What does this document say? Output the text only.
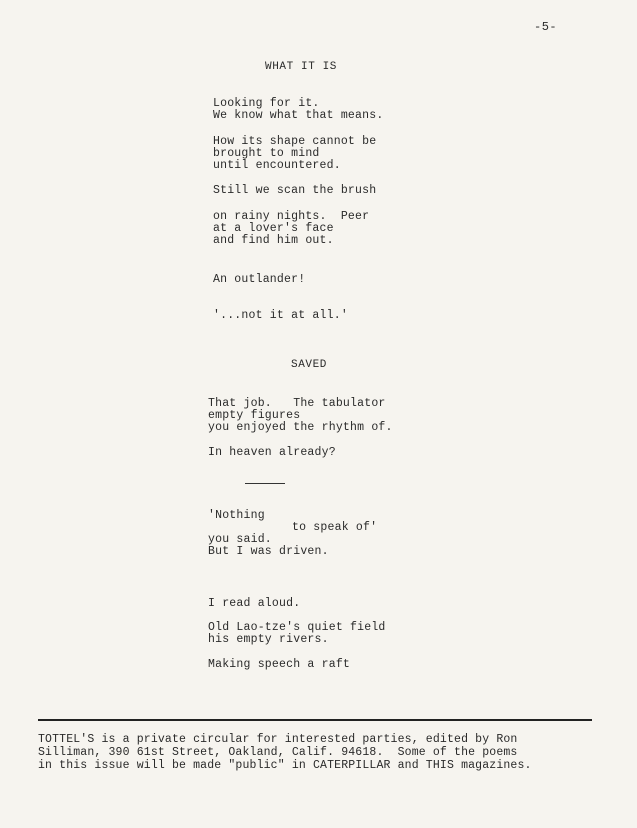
-5-
WHAT IT IS
Looking for it.
We know what that means.
How its shape cannot be
brought to mind
until encountered.
Still we scan the brush
on rainy nights.  Peer
at a lover's face
and find him out.
An outlander!
'...not it at all.'
SAVED
That job.   The tabulator
empty figures
you enjoyed the rhythm of.
In heaven already?
'Nothing
to speak of'
you said.
But I was driven.
I read aloud.
Old Lao-tze's quiet field
his empty rivers.
Making speech a raft
TOTTEL'S is a private circular for interested parties, edited by Ron
Silliman, 390 61st Street, Oakland, Calif. 94618.  Some of the poems
in this issue will be made "public" in CATERPILLAR and THIS magazines.
